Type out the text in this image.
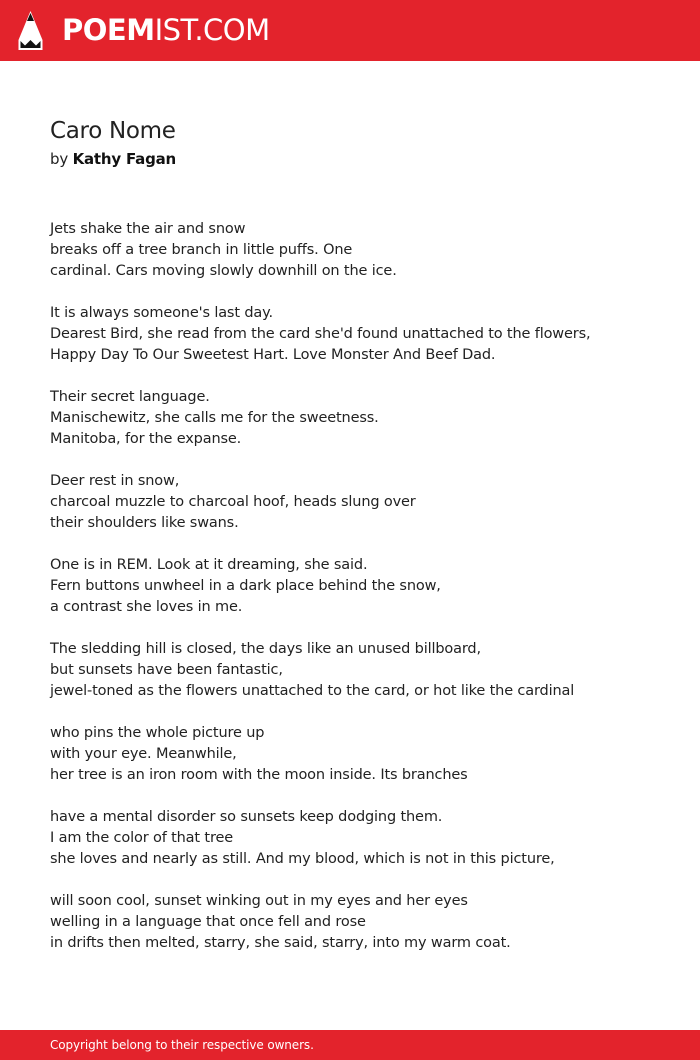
POEMIST.COM
Caro Nome

by Kathy Fagan

Jets shake the air and snow
breaks off a tree branch in little puffs. One
cardinal. Cars moving slowly downhill on the ice.

It is always someone's last day.
Dearest Bird, she read from the card she'd found unattached to the flowers,
Happy Day To Our Sweetest Hart. Love Monster And Beef Dad.

Their secret language.
Manischewitz, she calls me for the sweetness.
Manitoba, for the expanse.

Deer rest in snow,
charcoal muzzle to charcoal hoof, heads slung over
their shoulders like swans.

One is in REM. Look at it dreaming, she said.
Fern buttons unwheel in a dark place behind the snow,
a contrast she loves in me.

The sledding hill is closed, the days like an unused billboard,
but sunsets have been fantastic,
jewel-toned as the flowers unattached to the card, or hot like the cardinal

who pins the whole picture up
with your eye. Meanwhile,
her tree is an iron room with the moon inside. Its branches

have a mental disorder so sunsets keep dodging them.
I am the color of that tree
she loves and nearly as still. And my blood, which is not in this picture,

will soon cool, sunset winking out in my eyes and her eyes
welling in a language that once fell and rose
in drifts then melted, starry, she said, starry, into my warm coat.

Copyright belong to their respective owners.
